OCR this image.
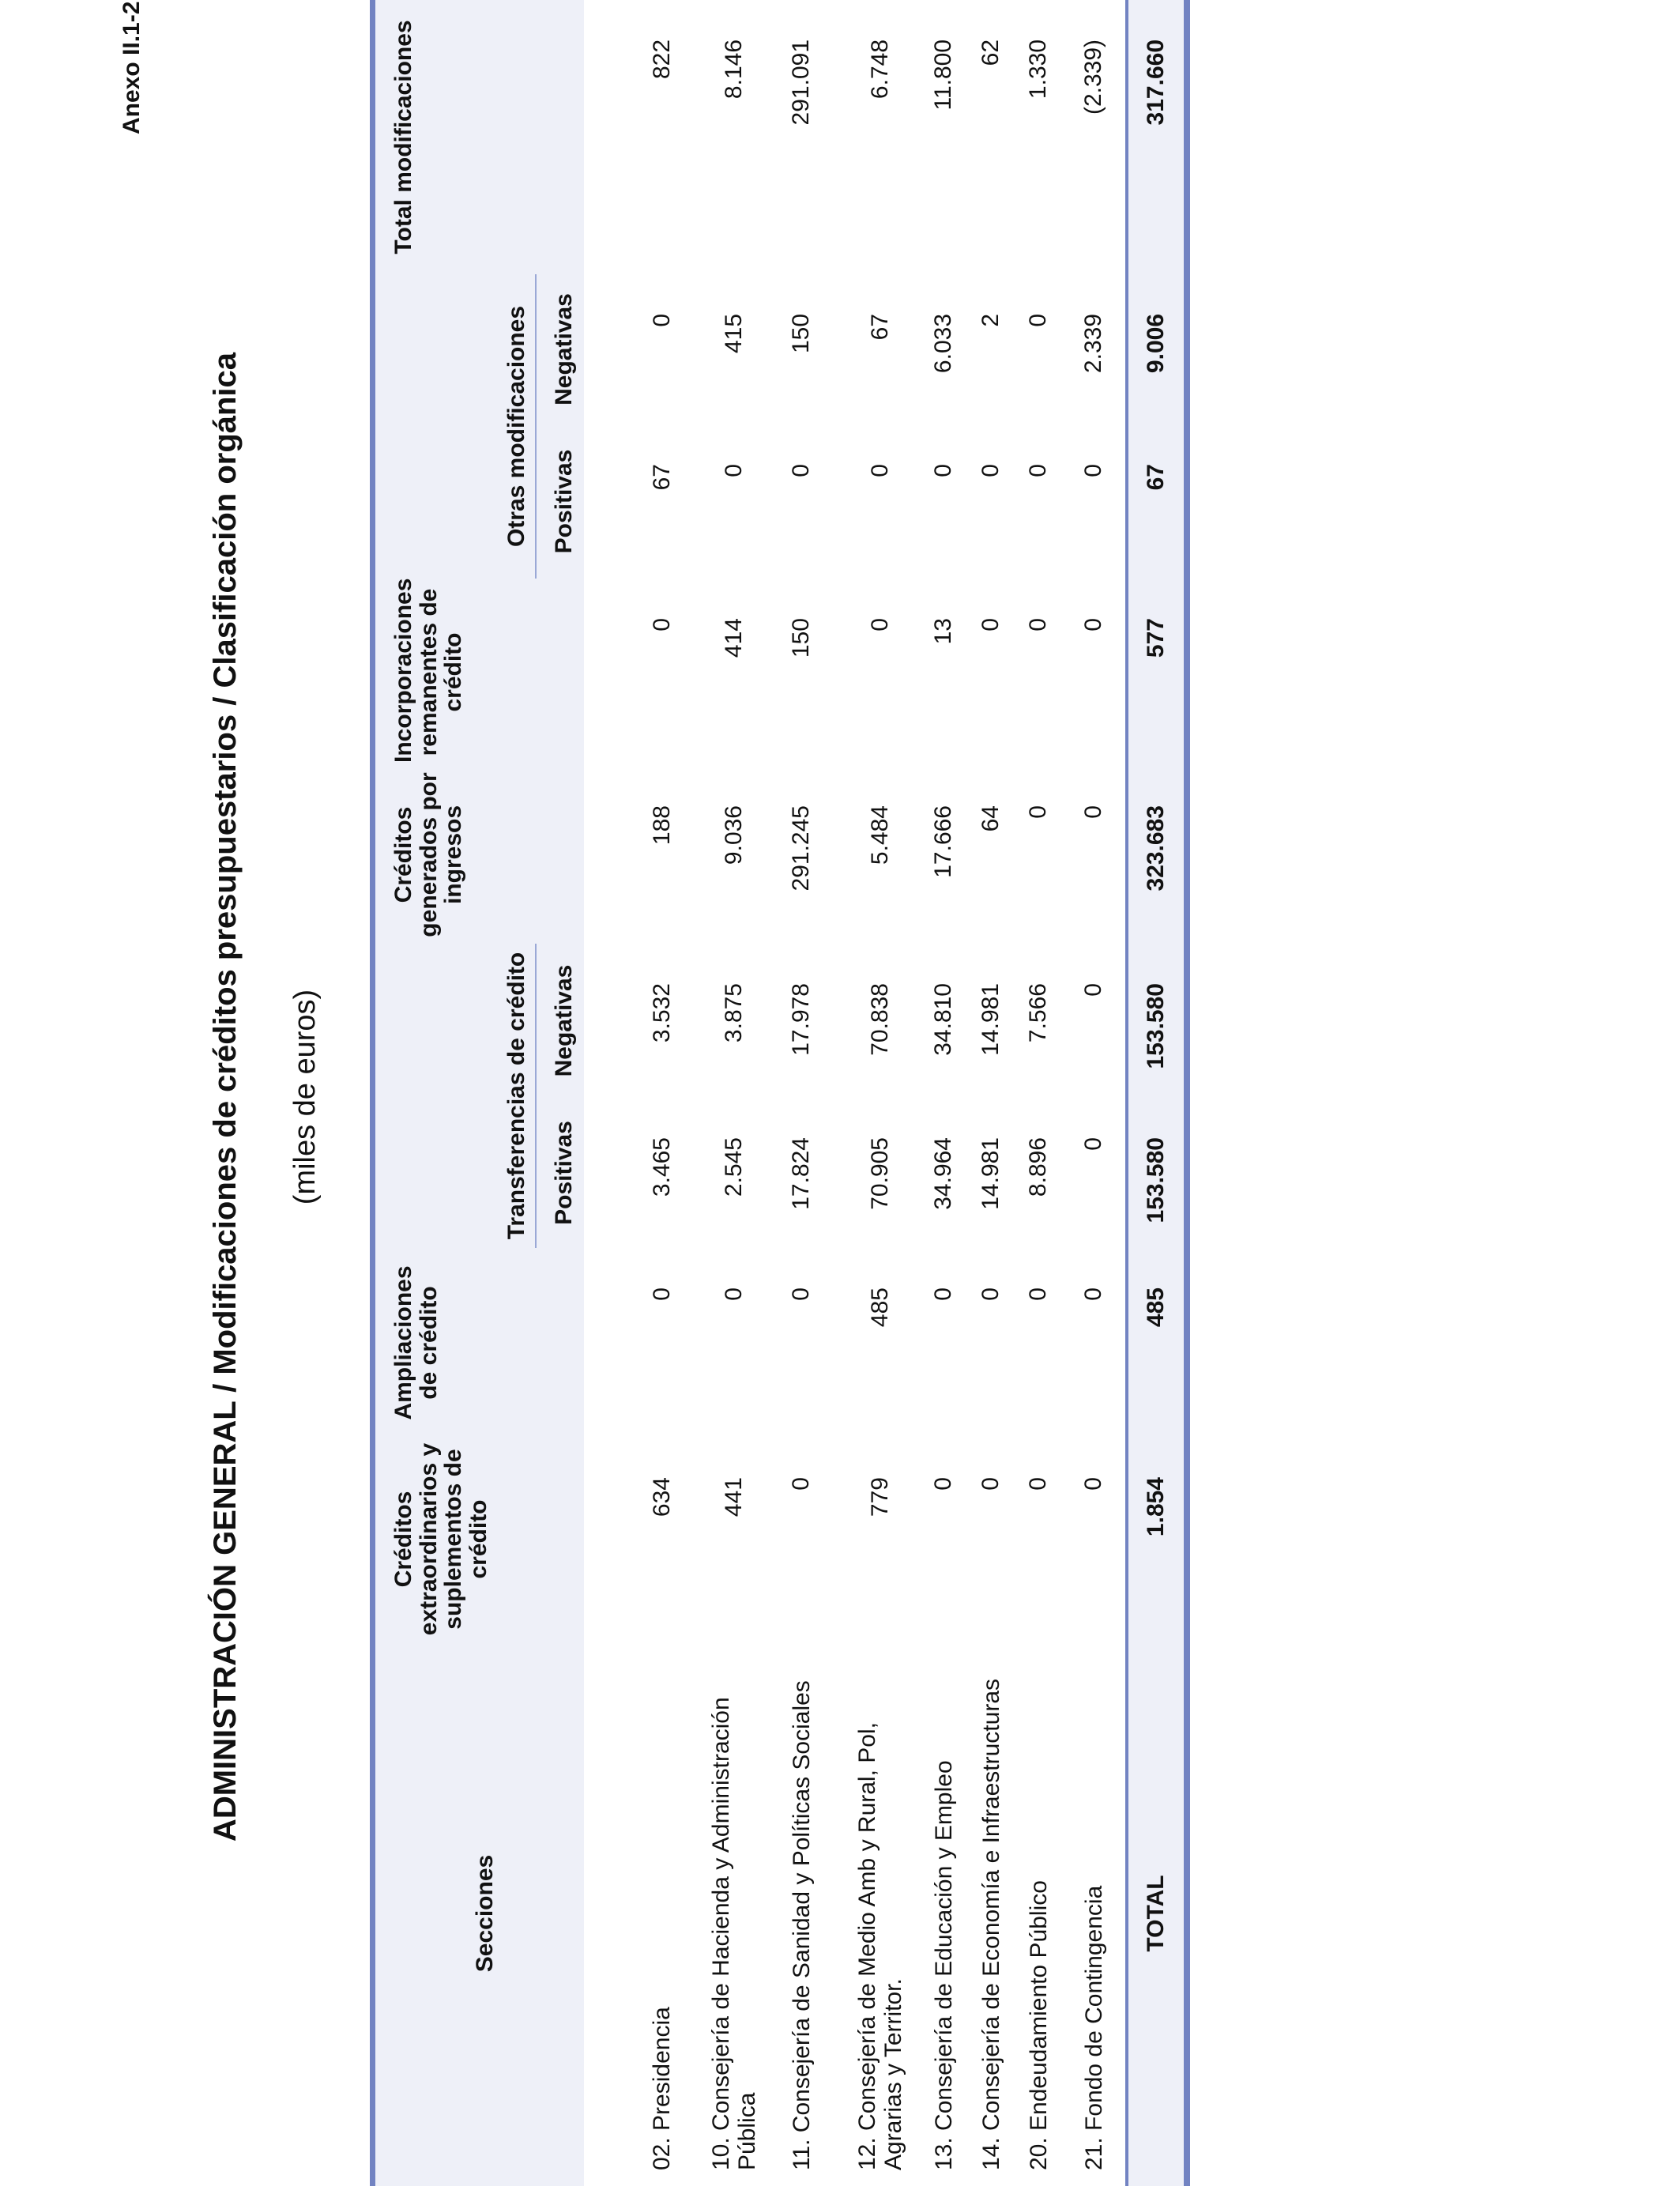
Anexo II.1-2
ADMINISTRACIÓN GENERAL / Modificaciones de créditos presupuestarios / Clasificación orgánica (miles de euros)
Secciones	Créditos extraordinarios y suplementos de crédito	Ampliaciones de crédito	Transferencias de crédito		Créditos generados por ingresos	Incorporaciones remanentes de crédito	Otras modificaciones		Total modificaciones
			Positivas	Negativas			Positivas	Negativas	
02. Presidencia	634	0	3.465	3.532	188	0	67	0	822
10. Consejería de Hacienda y Administración Pública	441	0	2.545	3.875	9.036	414	0	415	8.146
11. Consejería de Sanidad y Políticas Sociales	0	0	17.824	17.978	291.245	150	0	150	291.091
12. Consejería de Medio Amb y Rural, Pol, Agrarias y Territor.	779	485	70.905	70.838	5.484	0	0	67	6.748
13. Consejería de Educación y Empleo	0	0	34.964	34.810	17.666	13	0	6.033	11.800
14. Consejería de Economía e Infraestructuras	0	0	14.981	14.981	64	0	0	2	62
20. Endeudamiento Público	0	0	8.896	7.566	0	0	0	0	1.330
21. Fondo de Contingencia	0	0	0	0	0	0	0	2.339	(2.339)
TOTAL	1.854	485	153.580	153.580	323.683	577	67	9.006	317.660
